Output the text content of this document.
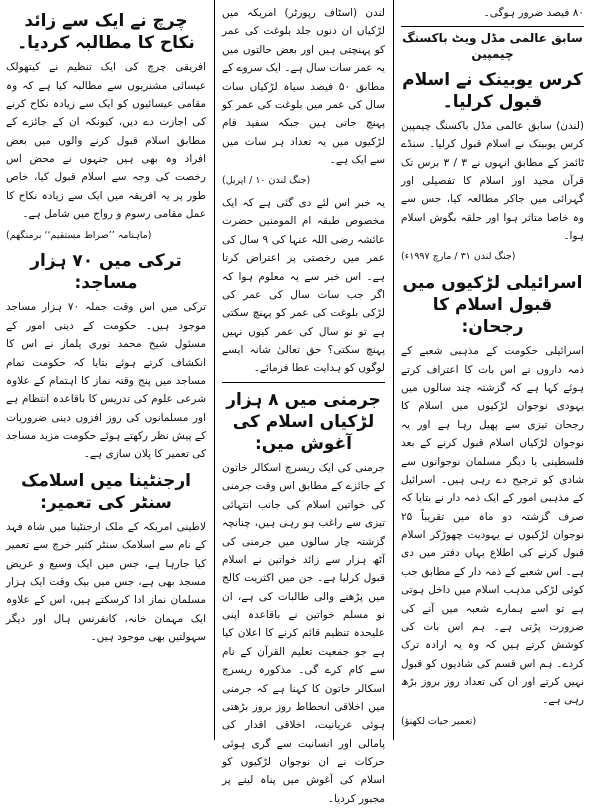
۸۰ فیصد ضرور ہوگی۔

سابق عالمی مڈل ویٹ باکسنگ چیمپین
کرس یوبینک نے اسلام قبول کرلیا۔

(لندن) سابق عالمی مڈل باکسنگ چیمپین کرس یوبینک نے اسلام قبول کرلیا۔ سنڈے ٹائمز کے مطابق انہوں نے ۳ / ۳ برس تک قرآن مجید اور اسلام کا تفصیلی اور گہرائی میں جاکر مطالعہ کیا، جس سے وہ خاصا متاثر ہوا اور حلقہ بگوش اسلام ہوا۔

(جنگ لندن ۳۱ / مارچ ۱۹۹۷ء)

اسرائیلی لڑکیوں میں قبول اسلام کا رجحان:

اسرائیلی حکومت کے مذہبی شعبے کے ذمہ داروں نے اس بات کا اعتراف کرتے ہوئے کہا ہے کہ گزشتہ چند سالوں میں یہودی نوجوان لڑکیوں میں اسلام کا رجحان تیزی سے پھیل رہا ہے اور یہ نوجوان لڑکیاں اسلام قبول کرنے کے بعد فلسطینی یا دیگر مسلمان نوجوانوں سے شادی کو ترجیح دے رہی ہیں۔ اسرائیل کے مذہبی امور کے ایک ذمہ دار نے بتایا کہ صرف گزشتہ دو ماہ میں تقریباً ۲۵ نوجوان لڑکیوں نے یہودیت چھوڑکر اسلام قبول کرنے کی اطلاع یہاں دفتر میں دی ہے۔ اس شعبے کے ذمہ دار کے مطابق جب کوئی لڑکی مذہب اسلام میں داخل ہوتی ہے تو اسے ہمارے شعبہ میں آنے کی ضرورت پڑتی ہے۔ ہم اس بات کی کوشش کرتے ہیں کہ وہ یہ ارادہ ترک کردے۔ ہم اس قسم کی شادیوں کو قبول نہیں کرتے اور ان کی تعداد روز بروز بڑھ رہی ہے۔

(تعمیر حیات لکھنؤ)

لندن (اسٹاف رپورٹر) امریکہ میں لڑکیاں ان دنوں جلد بلوغت کی عمر کو پہنچتی ہیں اور بعض حالتوں میں یہ عمر سات سال ہے۔ ایک سروے کے مطابق ۵۰ فیصد سیاہ لڑکیاں سات سال کی عمر میں بلوغت کی عمر کو پہنچ جاتی ہیں جبکہ سفید فام لڑکیوں میں یہ تعداد ہر سات میں سے ایک ہے۔

(جنگ لندن ۱۰ / اپریل)

یہ خبر اس لئے دی گئی ہے کہ ایک مخصوص طبقہ ام المومنین حضرت عائشہ رضی اللہ عنہا کی ۹ سال کی عمر میں رخصتی پر اعتراض کرتا ہے۔ اس خبر سے یہ معلوم ہوا کہ اگر جب سات سال کی عمر کی لڑکی بلوغت کی عمر کو پہنچ سکتی ہے تو نو سال کی عمر کیوں نہیں پہنچ سکتی؟ حق تعالیٰ شانہ ایسے لوگوں کو ہدایت عطا فرمائے۔

جرمنی میں ۸ ہزار لڑکیاں اسلام کی آغوش میں:

جرمنی کی ایک ریسرچ اسکالر خاتون کے جائزے کے مطابق اس وقت جرمنی کی خواتین اسلام کی جانب انتہائی تیزی سے راغب ہو رہی ہیں، چنانچہ گزشتہ چار سالوں میں جرمنی کی آٹھ ہزار سے زائد خواتین نے اسلام قبول کرلیا ہے۔ جن میں اکثریت کالج میں پڑھنے والی طالبات کی ہے، ان نو مسلم خواتین نے باقاعدہ اپنی علیحدہ تنظیم قائم کرنے کا اعلان کیا ہے جو جمعیت تعلیم القرآن کے نام سے کام کرے گی۔ مذکورہ ریسرچ اسکالر خاتون کا کہنا ہے کہ جرمنی میں اخلاقی انحطاط روز بروز بڑھتی ہوئی عریانیت، اخلاقی اقدار کی پامالی اور انسانیت سے گری ہوئی حرکات نے ان نوجوان لڑکیوں کو اسلام کی آغوش میں پناہ لینے پر مجبور کردیا۔

چرچ نے ایک سے زائد نکاح کا مطالبہ کردیا۔

افریقی چرچ کی ایک تنظیم نے کیتھولک عیسائی مشنریوں سے مطالبہ کیا ہے کہ وہ مقامی عیسائیوں کو ایک سے زیادہ نکاح کرنے کی اجازت دے دیں، کیونکہ ان کے جائزے کے مطابق اسلام قبول کرنے والوں میں بعض افراد وہ بھی ہیں جنہوں نے محض اس رخصت کی وجہ سے اسلام قبول کیا، خاص طور پر یہ افریقہ میں ایک سے زیادہ نکاح کا عمل مقامی رسوم و رواج میں شامل ہے۔

(ماہنامہ ’’صراط مستقیم‘‘ برمنگھم)

ترکی میں ۷۰ ہزار مساجد:

ترکی میں اس وقت جملہ ۷۰ ہزار مساجد موجود ہیں۔ حکومت کے دینی امور کے مسئول شیخ محمد نوری یلماز نے اس کا انکشاف کرتے ہوئے بتایا کہ حکومت تمام مساجد میں پنج وقتہ نماز کا اہتمام کے علاوہ شرعی علوم کی تدریس کا باقاعدہ انتظام ہے اور مسلمانوں کی روز افزوں دینی ضروریات کے پیش نظر رکھتے ہوئے حکومت مزید مساجد کی تعمیر کا پلان سازی ہے۔

ارجنٹینا میں اسلامک سنٹر کی تعمیر:

لاطینی امریکہ کے ملک ارجنٹینا میں شاہ فہد کے نام سے اسلامک سنٹر کثیر خرچ سے تعمیر کیا جارہا ہے، جس میں ایک وسیع و عریض مسجد بھی ہے، جس میں بیک وقت ایک ہزار مسلمان نماز ادا کرسکتے ہیں، اس کے علاوہ ایک مہمان خانہ، کانفرنس ہال اور دیگر سہولتیں بھی موجود ہیں۔
